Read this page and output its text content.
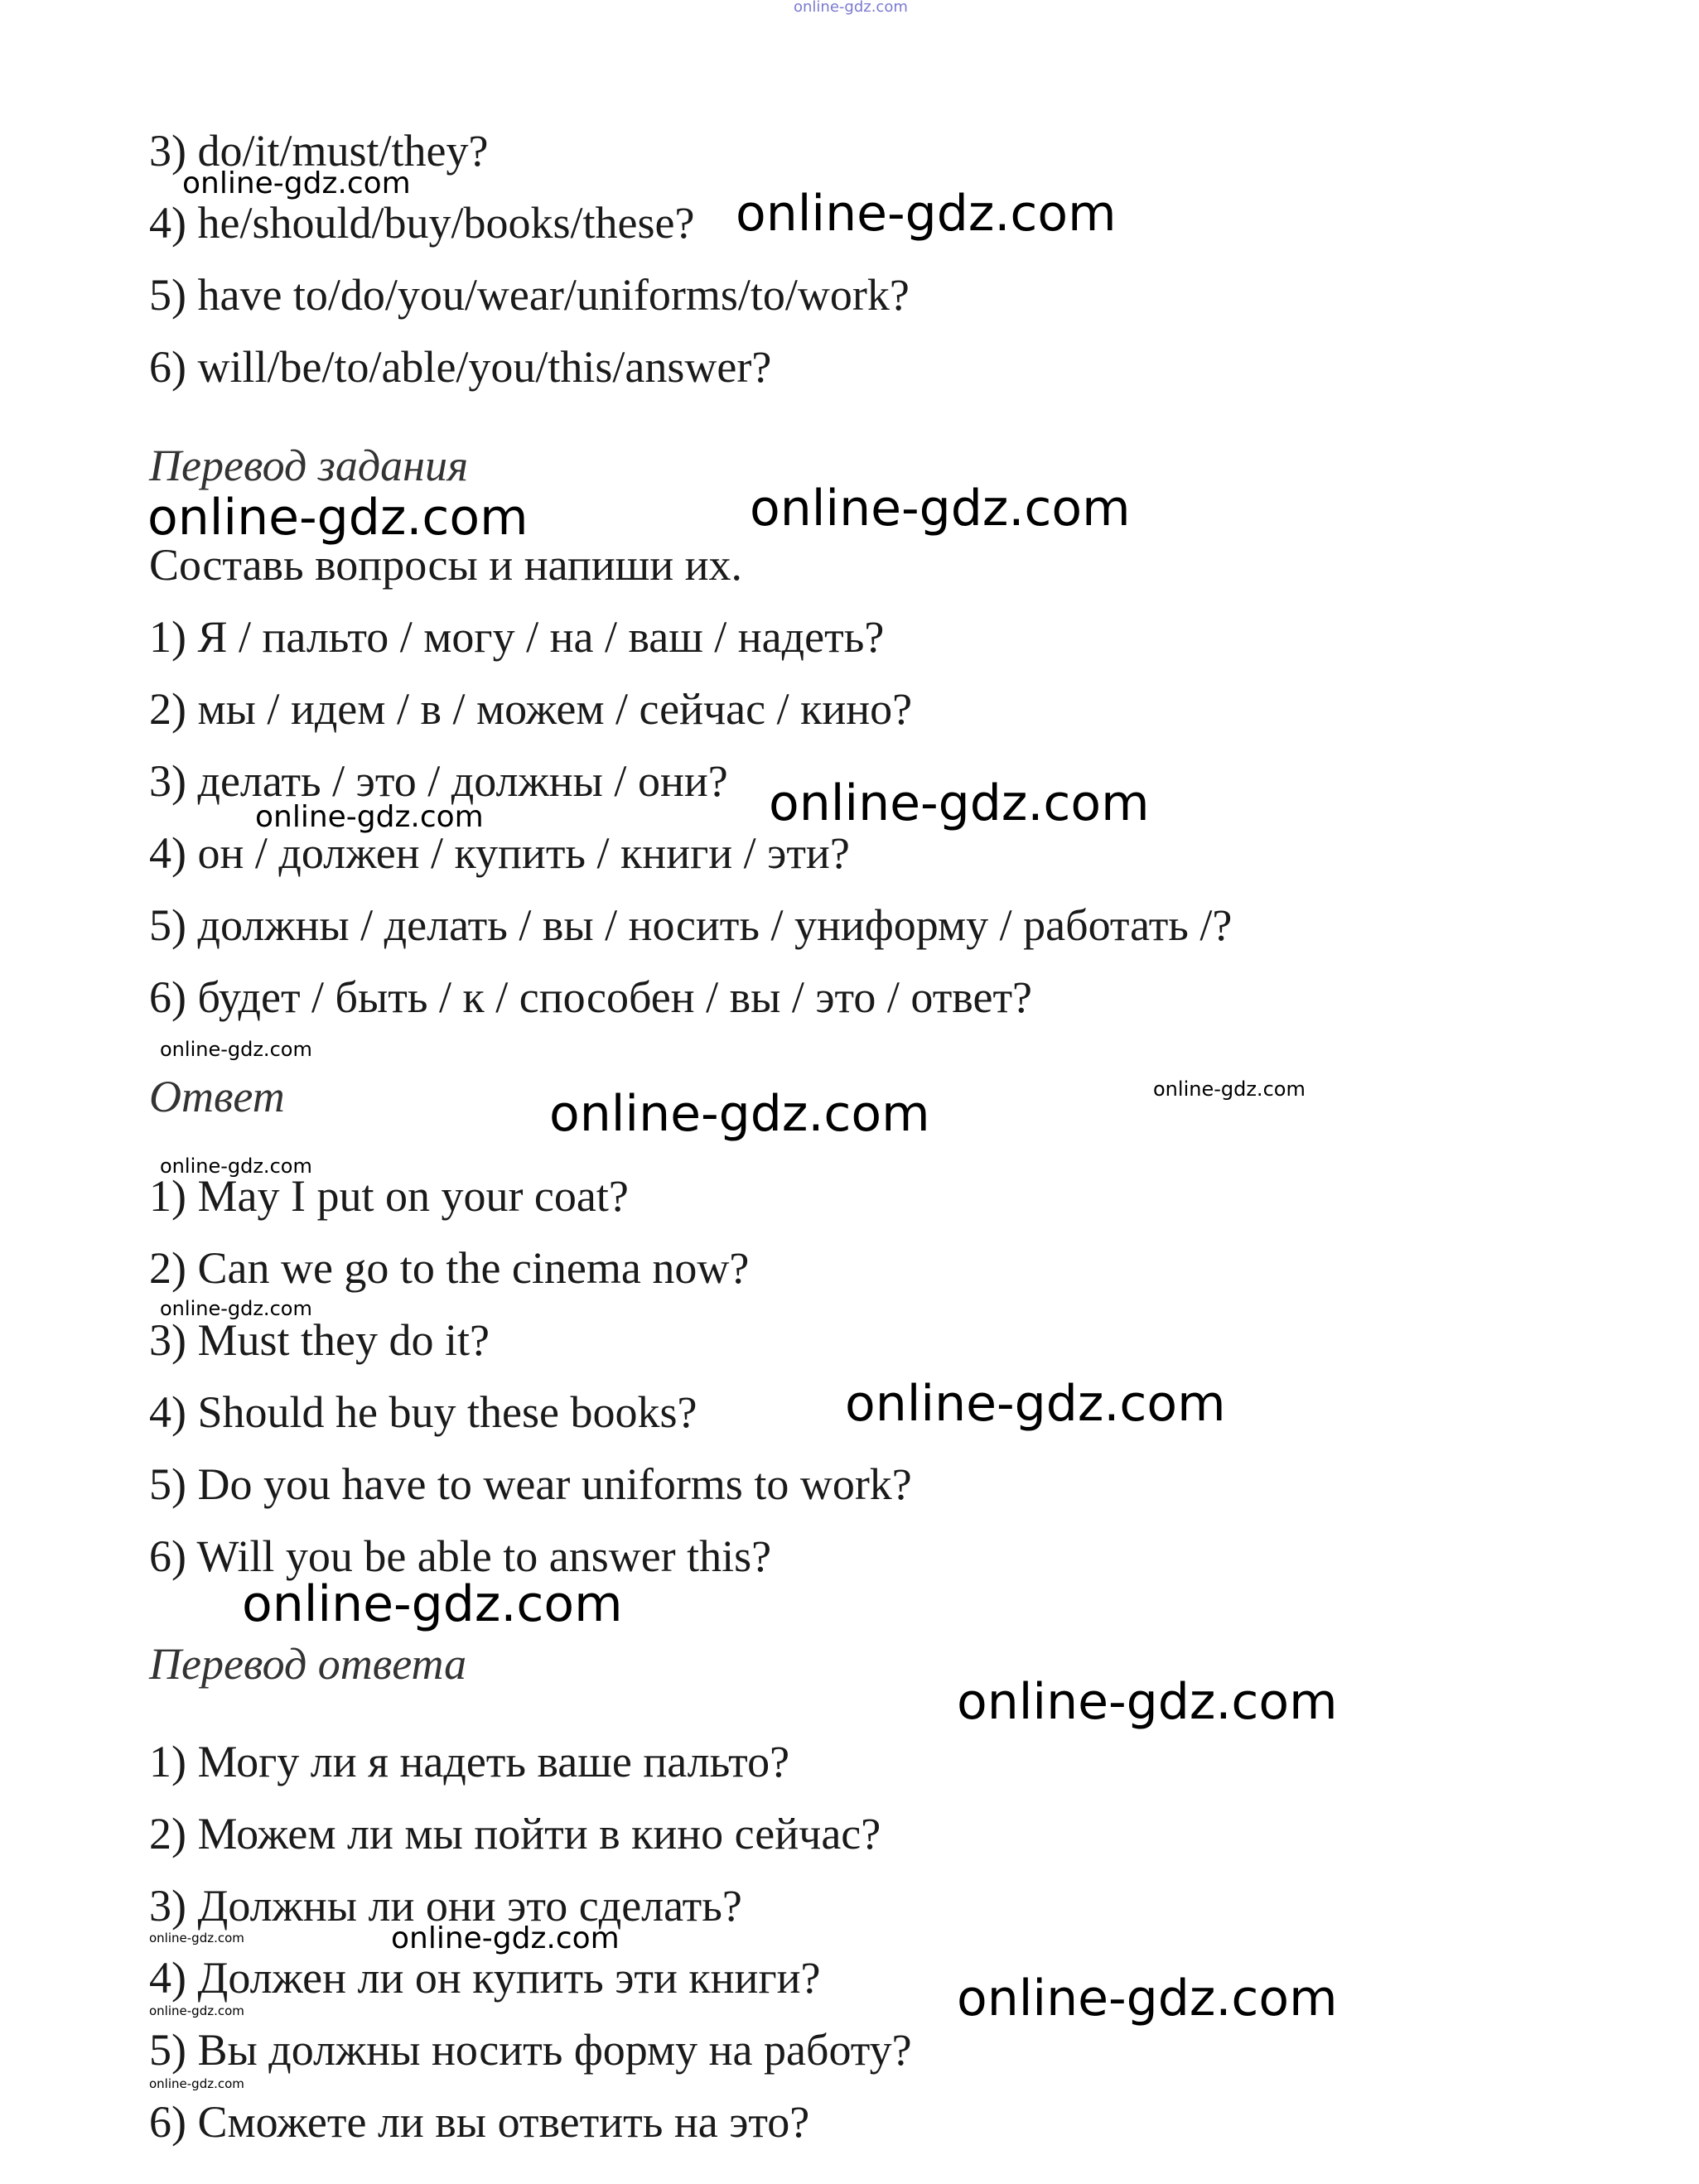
online-gdz.com
3) do/it/must/they?
4) he/should/buy/books/these?
5) have to/do/you/wear/uniforms/to/work?
6) will/be/to/able/you/this/answer?
Перевод задания
Составь вопросы и напиши их.
1) Я / пальто / могу / на / ваш / надеть?
2) мы / идем / в / можем / сейчас / кино?
3) делать / это / должны / они?
4) он / должен / купить / книги / эти?
5) должны / делать / вы / носить / униформу / работать /?
6) будет / быть / к / способен / вы / это / ответ?
Ответ
1) May I put on your coat?
2) Can we go to the cinema now?
3) Must they do it?
4) Should he buy these books?
5) Do you have to wear uniforms to work?
6) Will you be able to answer this?
Перевод ответа
1) Могу ли я надеть ваше пальто?
2) Можем ли мы пойти в кино сейчас?
3) Должны ли они это сделать?
4) Должен ли он купить эти книги?
5) Вы должны носить форму на работу?
6) Сможете ли вы ответить на это?
online-gdz.com
online-gdz.com
online-gdz.com	online-gdz.com
online-gdz.com
online-gdz.com
online-gdz.com
online-gdz.com
online-gdz.com
online-gdz.com
online-gdz.com
online-gdz.com
online-gdz.com
online-gdz.com
online-gdz.com
online-gdz.com
online-gdz.com
online-gdz.com
online-gdz.com
